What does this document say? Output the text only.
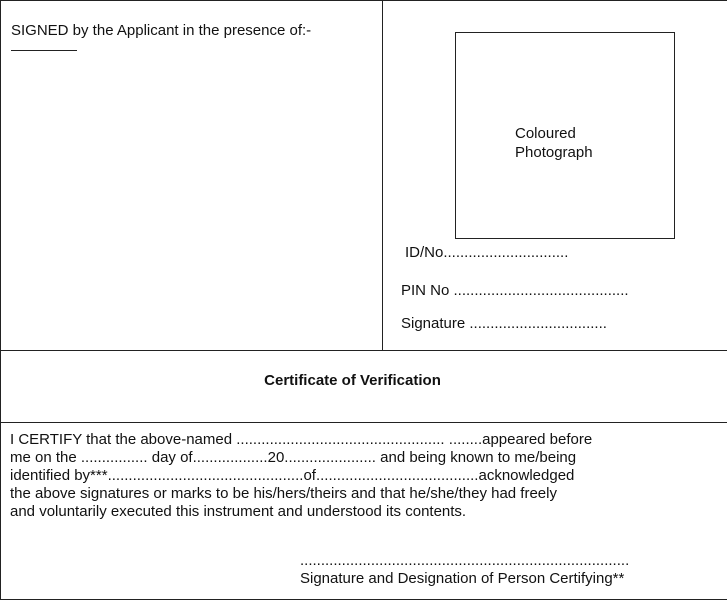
SIGNED by the Applicant in the presence of:-
Coloured
Photograph
ID/No..............................
PIN No ..........................................
Signature .................................
Certificate of Verification
I CERTIFY that the above-named .................................................. ........appeared before
me on the ................ day of..................20...................... and being known to me/being
identified by***...............................................of.......................................acknowledged
the above signatures or marks to be his/hers/theirs and that he/she/they had freely
and voluntarily executed this instrument and understood its contents.
...............................................................................
Signature and Designation of Person Certifying**
